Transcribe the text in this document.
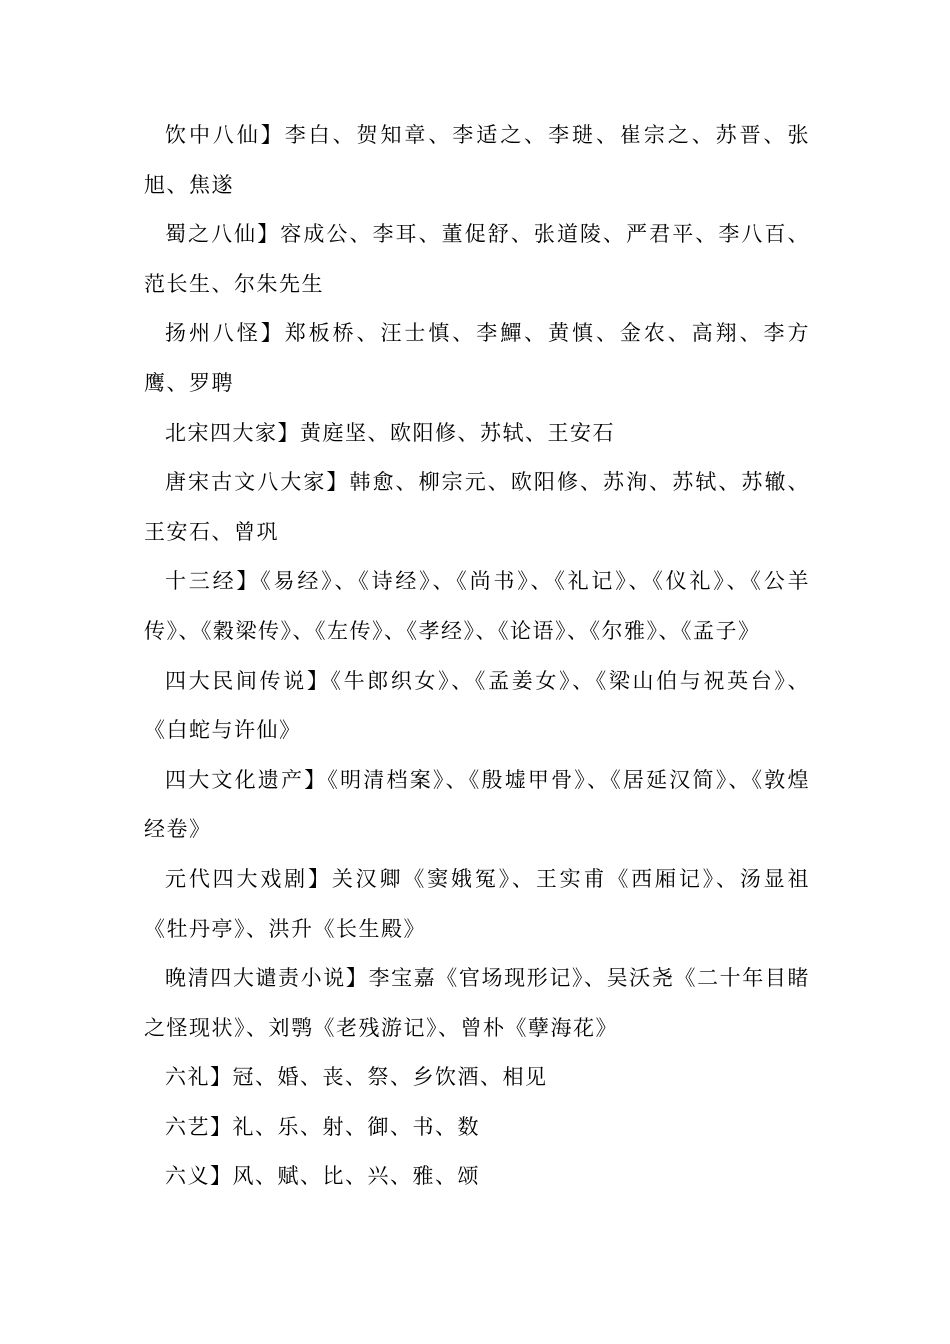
饮中八仙】李白、贺知章、李适之、李琎、崔宗之、苏晋、张旭、焦遂

蜀之八仙】容成公、李耳、董促舒、张道陵、严君平、李八百、范长生、尔朱先生

扬州八怪】郑板桥、汪士慎、李鱓、黄慎、金农、高翔、李方鹰、罗聘

北宋四大家】黄庭坚、欧阳修、苏轼、王安石

唐宋古文八大家】韩愈、柳宗元、欧阳修、苏洵、苏轼、苏辙、王安石、曾巩

十三经】《易经》、《诗经》、《尚书》、《礼记》、《仪礼》、《公羊传》、《穀梁传》、《左传》、《孝经》、《论语》、《尔雅》、《孟子》

四大民间传说】《牛郎织女》、《孟姜女》、《梁山伯与祝英台》、《白蛇与许仙》

四大文化遗产】《明清档案》、《殷墟甲骨》、《居延汉简》、《敦煌经卷》

元代四大戏剧】关汉卿《窦娥冤》、王实甫《西厢记》、汤显祖《牡丹亭》、洪升《长生殿》

晚清四大谴责小说】李宝嘉《官场现形记》、吴沃尧《二十年目睹之怪现状》、刘鹗《老残游记》、曾朴《孽海花》

六礼】冠、婚、丧、祭、乡饮酒、相见

六艺】礼、乐、射、御、书、数

六义】风、赋、比、兴、雅、颂
